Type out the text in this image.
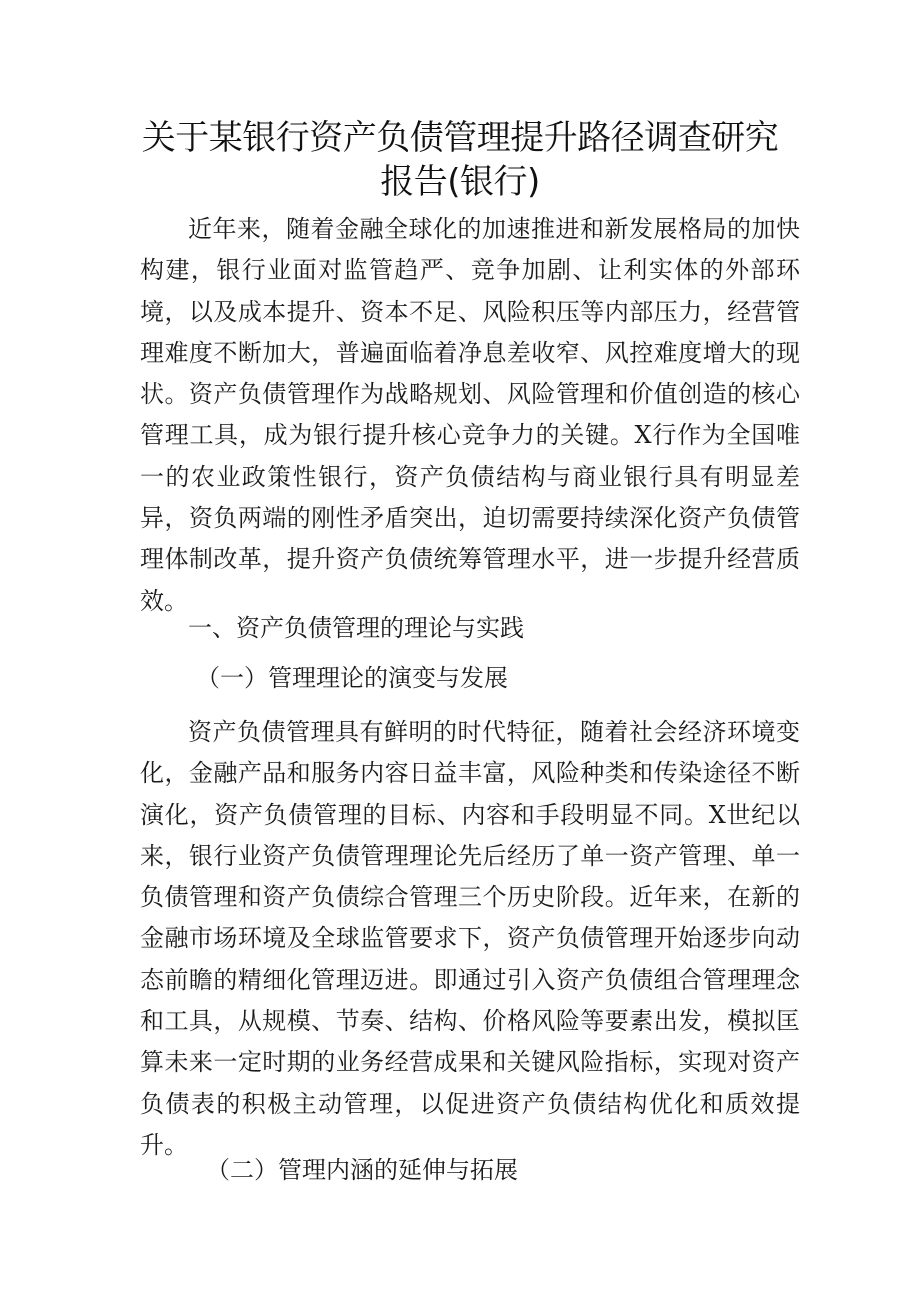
关于某银行资产负债管理提升路径调查研究
报告(银行)

近年来，随着金融全球化的加速推进和新发展格局的加快构建，银行业面对监管趋严、竞争加剧、让利实体的外部环境，以及成本提升、资本不足、风险积压等内部压力，经营管理难度不断加大，普遍面临着净息差收窄、风控难度增大的现状。资产负债管理作为战略规划、风险管理和价值创造的核心管理工具，成为银行提升核心竞争力的关键。X行作为全国唯一的农业政策性银行，资产负债结构与商业银行具有明显差异，资负两端的刚性矛盾突出，迫切需要持续深化资产负债管理体制改革，提升资产负债统筹管理水平，进一步提升经营质效。

一、资产负债管理的理论与实践

（一）管理理论的演变与发展

资产负债管理具有鲜明的时代特征，随着社会经济环境变化，金融产品和服务内容日益丰富，风险种类和传染途径不断演化，资产负债管理的目标、内容和手段明显不同。X世纪以来，银行业资产负债管理理论先后经历了单一资产管理、单一负债管理和资产负债综合管理三个历史阶段。近年来，在新的金融市场环境及全球监管要求下，资产负债管理开始逐步向动态前瞻的精细化管理迈进。即通过引入资产负债组合管理理念和工具，从规模、节奏、结构、价格风险等要素出发，模拟匡算未来一定时期的业务经营成果和关键风险指标，实现对资产负债表的积极主动管理，以促进资产负债结构优化和质效提升。

（二）管理内涵的延伸与拓展
